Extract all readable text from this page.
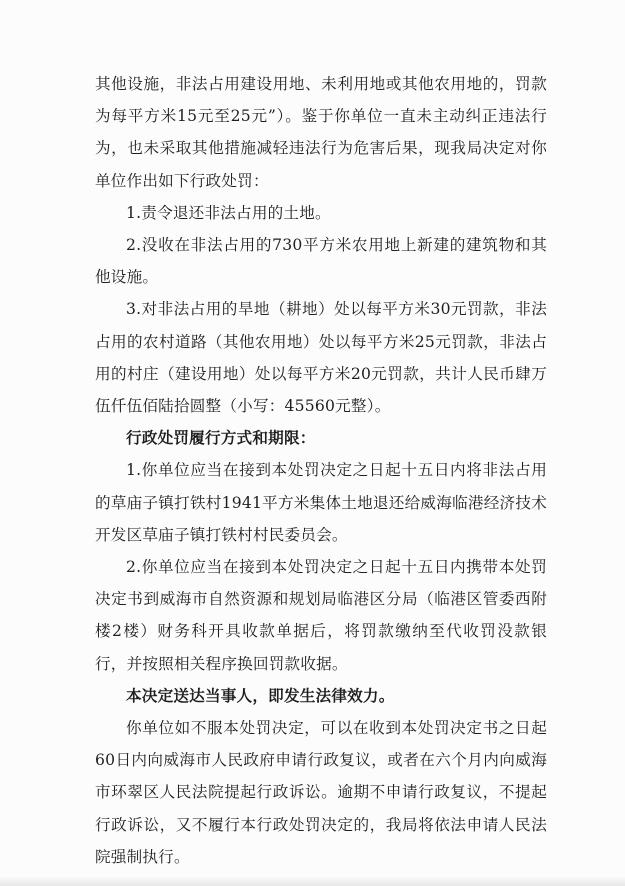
其他设施，非法占用建设用地、未利用地或其他农用地的，罚款为每平方米15元至25元”）。鉴于你单位一直未主动纠正违法行为，也未采取其他措施减轻违法行为危害后果，现我局决定对你单位作出如下行政处罚：

1.责令退还非法占用的土地。

2.没收在非法占用的730平方米农用地上新建的建筑物和其他设施。

3.对非法占用的旱地（耕地）处以每平方米30元罚款，非法占用的农村道路（其他农用地）处以每平方米25元罚款，非法占用的村庄（建设用地）处以每平方米20元罚款，共计人民币肆万伍仟伍佰陆拾圆整（小写：45560元整）。

行政处罚履行方式和期限：

1.你单位应当在接到本处罚决定之日起十五日内将非法占用的草庙子镇打铁村1941平方米集体土地退还给威海临港经济技术开发区草庙子镇打铁村村民委员会。

2.你单位应当在接到本处罚决定之日起十五日内携带本处罚决定书到威海市自然资源和规划局临港区分局（临港区管委西附楼2楼）财务科开具收款单据后，将罚款缴纳至代收罚没款银行，并按照相关程序换回罚款收据。

本决定送达当事人，即发生法律效力。

你单位如不服本处罚决定，可以在收到本处罚决定书之日起60日内向威海市人民政府申请行政复议，或者在六个月内向威海市环翠区人民法院提起行政诉讼。逾期不申请行政复议，不提起行政诉讼，又不履行本行政处罚决定的，我局将依法申请人民法院强制执行。
